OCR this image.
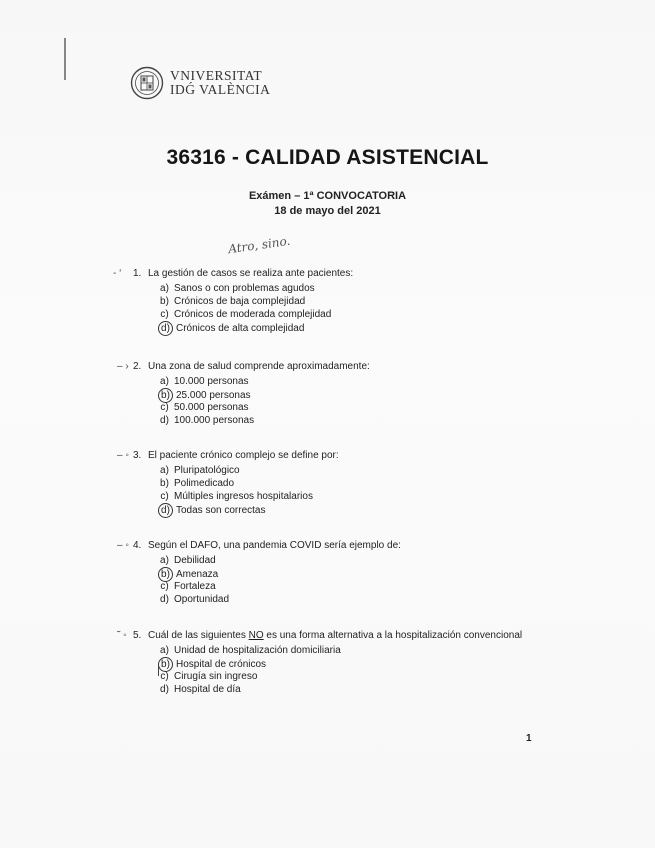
VNIVERSITAT
IDǴ VALÈNCIA
36316 - CALIDAD ASISTENCIAL
Exámen – 1ª CONVOCATORIA
18 de mayo del 2021
Atro, sino.
- ‘ 1. La gestión de casos se realiza ante pacientes:
a) Sanos o con problemas agudos
b) Crónicos de baja complejidad
c) Crónicos de moderada complejidad
d) Crónicos de alta complejidad
– › 2. Una zona de salud comprende aproximadamente:
a) 10.000 personas
b) 25.000 personas
c) 50.000 personas
d) 100.000 personas
– ◦ 3. El paciente crónico complejo se define por:
a) Pluripatológico
b) Polimedicado
c) Múltiples ingresos hospitalarios
d) Todas son correctas
– ◦ 4. Según el DAFO, una pandemia COVID sería ejemplo de:
a) Debilidad
b) Amenaza
c) Fortaleza
d) Oportunidad
˜ ◦ 5. Cuál de las siguientes NO es una forma alternativa a la hospitalización convencional
a) Unidad de hospitalización domiciliaria
b) Hospital de crónicos
c) Cirugía sin ingreso
d) Hospital de día
1
